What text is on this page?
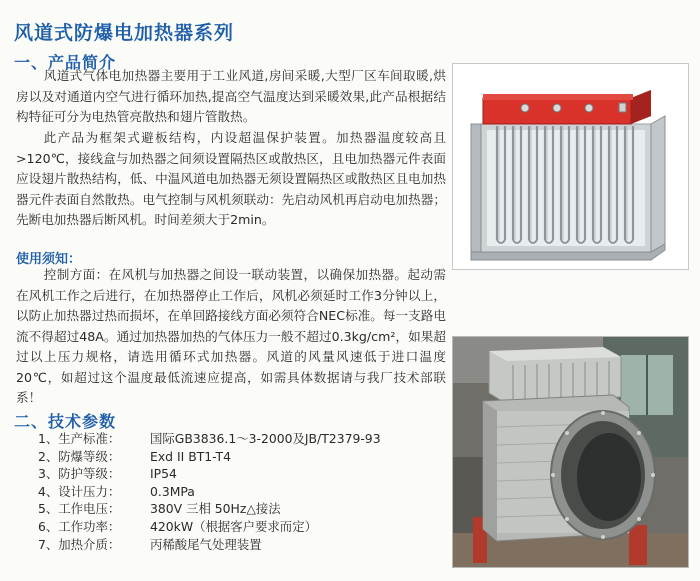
风道式防爆电加热器系列
一、产品简介
风道式气体电加热器主要用于工业风道,房间采暖,大型厂区车间取暖,烘房以及对通道内空气进行循环加热,提高空气温度达到采暖效果,此产品根据结构特征可分为电热管亮散热和翅片管散热。
此产品为框架式避板结构，内设超温保护装置。加热器温度较高且>120℃，接线盒与加热器之间须设置隔热区或散热区，且电加热器元件表面应设翅片散热结构，低、中温风道电加热器无须设置隔热区或散热区且电加热器元件表面自然散热。电气控制与风机须联动：先启动风机再启动电加热器；先断电加热器后断风机。时间差须大于2min。
使用须知：
控制方面：在风机与加热器之间设一联动装置，以确保加热器。起动需在风机工作之后进行，在加热器停止工作后，风机必须延时工作3分钟以上，以防止加热器过热而损坏，在单回路接线方面必须符合NEC标准。每一支路电流不得超过48A。通过加热器加热的气体压力一般不超过0.3kg/cm²，如果超过以上压力规格，请选用循环式加热器。风道的风量风速低于进口温度20℃，如超过这个温度最低流速应提高，如需具体数据请与我厂技术部联系！
二、技术参数
1、生产标准：	国际GB3836.1～3-2000及JB/T2379-93
2、防爆等级：	Exd II BT1-T4
3、防护等级：	IP54
4、设计压力：	0.3MPa
5、工作电压：	380V 三相 50Hz△接法
6、工作功率：	420kW（根据客户要求而定）
7、加热介质：	丙稀酸尾气处理装置
